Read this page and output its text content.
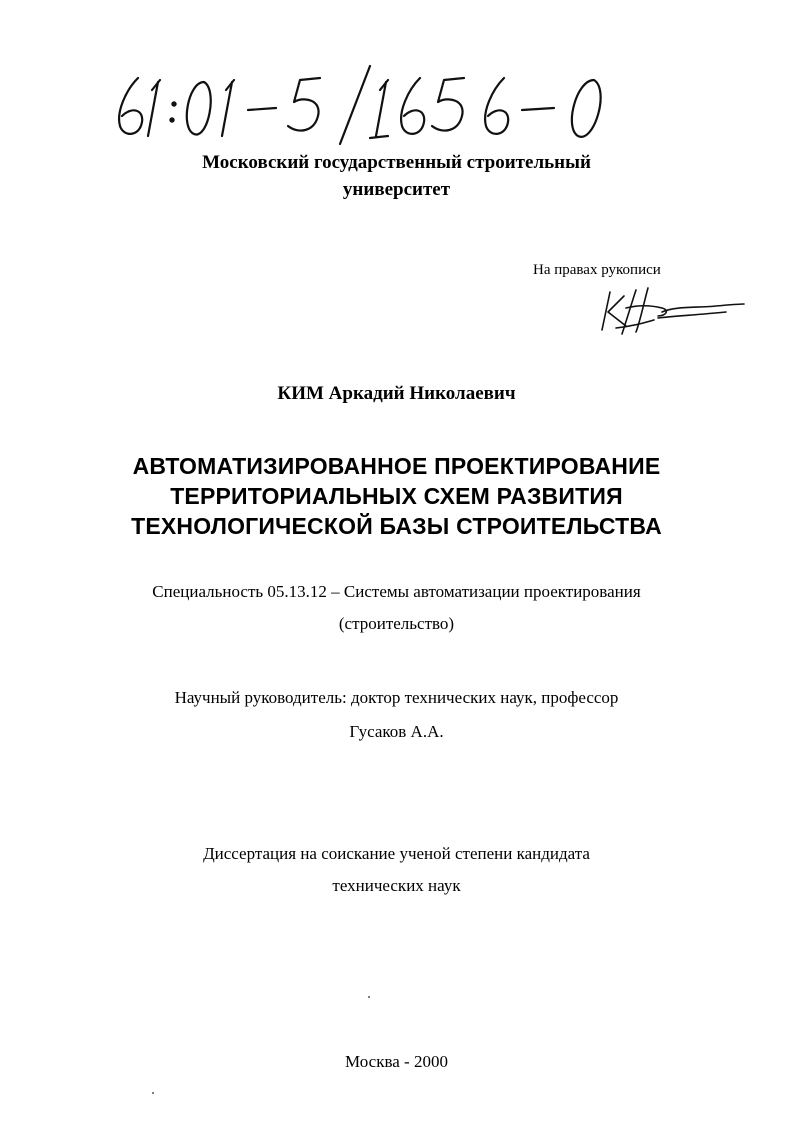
Московский государственный строительный
университет
На правах рукописи
КИМ Аркадий Николаевич
АВТОМАТИЗИРОВАННОЕ ПРОЕКТИРОВАНИЕ
ТЕРРИТОРИАЛЬНЫХ СХЕМ РАЗВИТИЯ
ТЕХНОЛОГИЧЕСКОЙ БАЗЫ СТРОИТЕЛЬСТВА
Специальность 05.13.12 – Системы автоматизации проектирования
(строительство)
Научный руководитель: доктор технических наук, профессор
Гусаков А.А.
Диссертация на соискание ученой степени кандидата
технических наук
Москва - 2000
